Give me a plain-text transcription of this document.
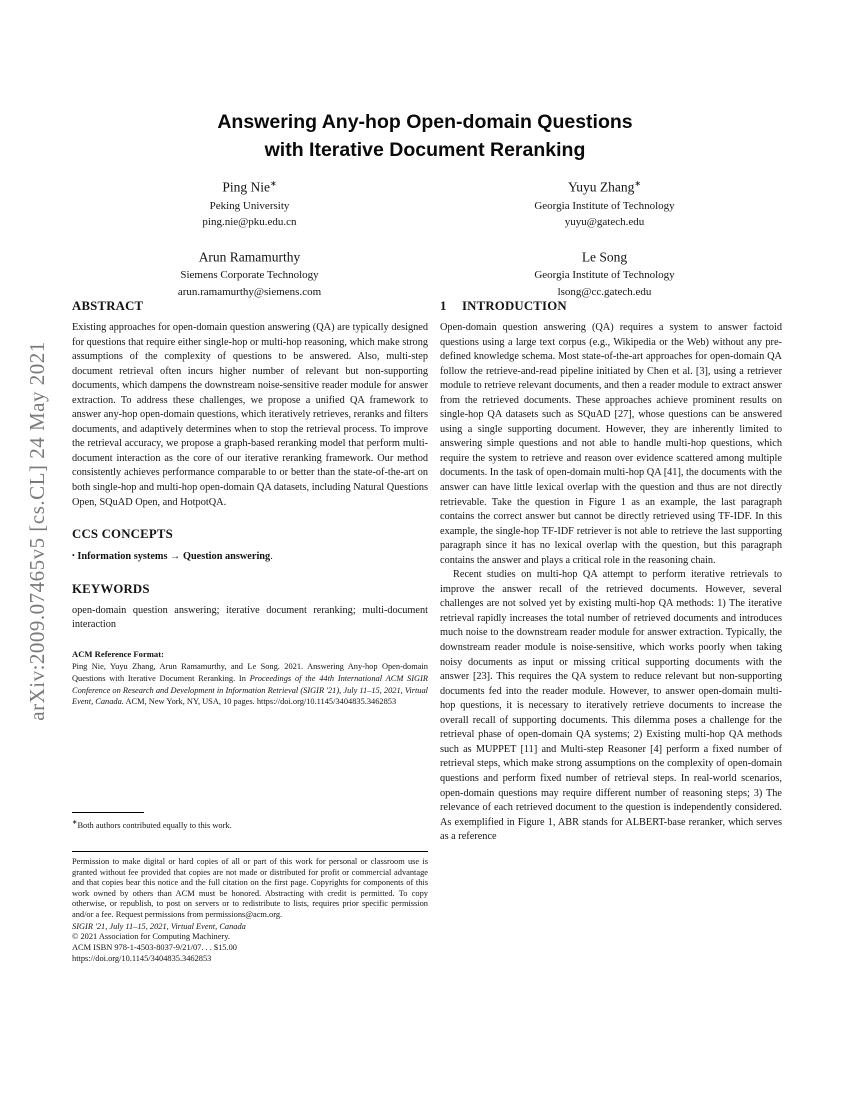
arXiv:2009.07465v5 [cs.CL] 24 May 2021
Answering Any-hop Open-domain Questions
with Iterative Document Reranking
Ping Nie∗
Peking University
ping.nie@pku.edu.cn
Yuyu Zhang∗
Georgia Institute of Technology
yuyu@gatech.edu
Arun Ramamurthy
Siemens Corporate Technology
arun.ramamurthy@siemens.com
Le Song
Georgia Institute of Technology
lsong@cc.gatech.edu
ABSTRACT

Existing approaches for open-domain question answering (QA) are typically designed for questions that require either single-hop or multi-hop reasoning, which make strong assumptions of the complexity of questions to be answered. Also, multi-step document retrieval often incurs higher number of relevant but non-supporting documents, which dampens the downstream noise-sensitive reader module for answer extraction. To address these challenges, we propose a unified QA framework to answer any-hop open-domain questions, which iteratively retrieves, reranks and filters documents, and adaptively determines when to stop the retrieval process. To improve the retrieval accuracy, we propose a graph-based reranking model that perform multi-document interaction as the core of our iterative reranking framework. Our method consistently achieves performance comparable to or better than the state-of-the-art on both single-hop and multi-hop open-domain QA datasets, including Natural Questions Open, SQuAD Open, and HotpotQA.

CCS CONCEPTS

• Information systems → Question answering.

KEYWORDS

open-domain question answering; iterative document reranking; multi-document interaction

ACM Reference Format:

Ping Nie, Yuyu Zhang, Arun Ramamurthy, and Le Song. 2021. Answering Any-hop Open-domain Questions with Iterative Document Reranking. In Proceedings of the 44th International ACM SIGIR Conference on Research and Development in Information Retrieval (SIGIR '21), July 11–15, 2021, Virtual Event, Canada. ACM, New York, NY, USA, 10 pages. https://doi.org/10.1145/3404835.3462853

∗Both authors contributed equally to this work.

Permission to make digital or hard copies of all or part of this work for personal or classroom use is granted without fee provided that copies are not made or distributed for profit or commercial advantage and that copies bear this notice and the full citation on the first page. Copyrights for components of this work owned by others than ACM must be honored. Abstracting with credit is permitted. To copy otherwise, or republish, to post on servers or to redistribute to lists, requires prior specific permission and/or a fee. Request permissions from permissions@acm.org.

SIGIR '21, July 11–15, 2021, Virtual Event, Canada

© 2021 Association for Computing Machinery.

ACM ISBN 978-1-4503-8037-9/21/07. . . $15.00

https://doi.org/10.1145/3404835.3462853

1 INTRODUCTION

Open-domain question answering (QA) requires a system to answer factoid questions using a large text corpus (e.g., Wikipedia or the Web) without any pre-defined knowledge schema. Most state-of-the-art approaches for open-domain QA follow the retrieve-and-read pipeline initiated by Chen et al. [3], using a retriever module to retrieve relevant documents, and then a reader module to extract answer from the retrieved documents. These approaches achieve prominent results on single-hop QA datasets such as SQuAD [27], whose questions can be answered using a single supporting document. However, they are inherently limited to answering simple questions and not able to handle multi-hop questions, which require the system to retrieve and reason over evidence scattered among multiple documents. In the task of open-domain multi-hop QA [41], the documents with the answer can have little lexical overlap with the question and thus are not directly retrievable. Take the question in Figure 1 as an example, the last paragraph contains the correct answer but cannot be directly retrieved using TF-IDF. In this example, the single-hop TF-IDF retriever is not able to retrieve the last supporting paragraph since it has no lexical overlap with the question, but this paragraph contains the answer and plays a critical role in the reasoning chain.

Recent studies on multi-hop QA attempt to perform iterative retrievals to improve the answer recall of the retrieved documents. However, several challenges are not solved yet by existing multi-hop QA methods: 1) The iterative retrieval rapidly increases the total number of retrieved documents and introduces much noise to the downstream reader module for answer extraction. Typically, the downstream reader module is noise-sensitive, which works poorly when taking noisy documents as input or missing critical supporting documents with the answer [23]. This requires the QA system to reduce relevant but non-supporting documents fed into the reader module. However, to answer open-domain multi-hop questions, it is necessary to iteratively retrieve documents to increase the overall recall of supporting documents. This dilemma poses a challenge for the retrieval phase of open-domain QA systems; 2) Existing multi-hop QA methods such as MUPPET [11] and Multi-step Reasoner [4] perform a fixed number of retrieval steps, which make strong assumptions on the complexity of open-domain questions and perform fixed number of retrieval steps. In real-world scenarios, open-domain questions may require different number of reasoning steps; 3) The relevance of each retrieved document to the question is independently considered. As exemplified in Figure 1, ABR stands for ALBERT-base reranker, which serves as a reference
